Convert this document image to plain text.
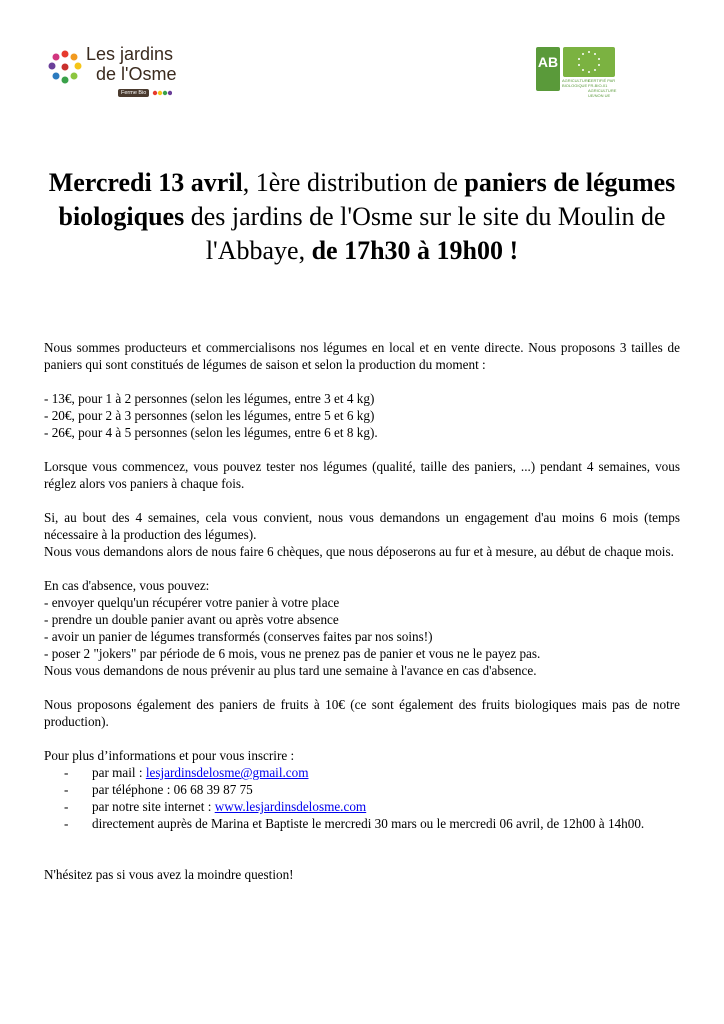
Les jardins
de l'Osme
Ferme Bio
AB
AGRICULTURE BIOLOGIQUE
CERTIFIÉ PAR FR-BIO-01 AGRICULTURE UE/NON UE
Mercredi 13 avril, 1ère distribution de paniers de légumes biologiques des jardins de l'Osme sur le site du Moulin de l'Abbaye, de 17h30 à 19h00 !

Nous sommes producteurs et commercialisons nos légumes en local et en vente directe. Nous proposons 3 tailles de paniers qui sont constitués de légumes de saison et selon la production du moment :

- 13€, pour 1 à 2 personnes (selon les légumes, entre 3 et 4 kg)

- 20€, pour 2 à 3 personnes (selon les légumes, entre 5 et 6 kg)

- 26€, pour 4 à 5 personnes (selon les légumes, entre 6 et 8 kg).

Lorsque vous commencez, vous pouvez tester nos légumes (qualité, taille des paniers, ...) pendant 4 semaines, vous réglez alors vos paniers à chaque fois.

Si, au bout des 4 semaines, cela vous convient, nous vous demandons un engagement d'au moins 6 mois (temps nécessaire à la production des légumes).

Nous vous demandons alors de nous faire 6 chèques, que nous déposerons au fur et à mesure, au début de chaque mois.

En cas d'absence, vous pouvez:

- envoyer quelqu'un récupérer votre panier à votre place

- prendre un double panier avant ou après votre absence

- avoir un panier de légumes transformés (conserves faites par nos soins!)

- poser 2 "jokers" par période de 6 mois, vous ne prenez pas de panier et vous ne le payez pas.

Nous vous demandons de nous prévenir au plus tard une semaine à l'avance en cas d'absence.

Nous proposons également des paniers de fruits à 10€ (ce sont également des fruits biologiques mais pas de notre production).

Pour plus d’informations et pour vous inscrire :

-	par mail : lesjardinsdelosme@gmail.com
-	par téléphone : 06 68 39 87 75
-	par notre site internet : www.lesjardinsdelosme.com
-	directement auprès de Marina et Baptiste le mercredi 30 mars ou le mercredi 06 avril, de 12h00 à 14h00.

N'hésitez pas si vous avez la moindre question!
